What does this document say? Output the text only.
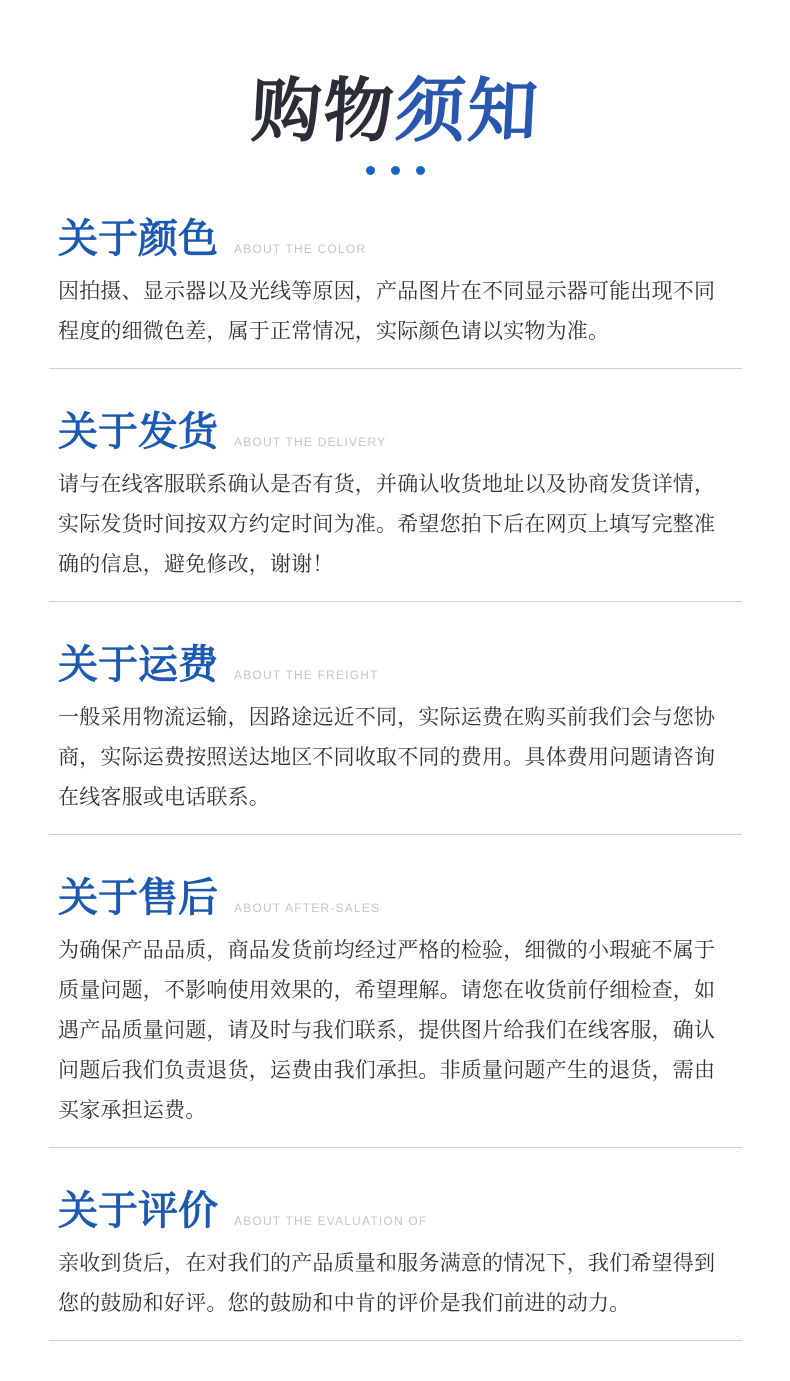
购物须知
关于颜色 ABOUT THE COLOR

因拍摄、显示器以及光线等原因，产品图片在不同显示器可能出现不同程度的细微色差，属于正常情况，实际颜色请以实物为准。

关于发货 ABOUT THE DELIVERY

请与在线客服联系确认是否有货，并确认收货地址以及协商发货详情，实际发货时间按双方约定时间为准。希望您拍下后在网页上填写完整准确的信息，避免修改，谢谢！

关于运费 ABOUT THE FREIGHT

一般采用物流运输，因路途远近不同，实际运费在购买前我们会与您协商，实际运费按照送达地区不同收取不同的费用。具体费用问题请咨询在线客服或电话联系。

关于售后 ABOUT AFTER-SALES

为确保产品品质，商品发货前均经过严格的检验，细微的小瑕疵不属于质量问题，不影响使用效果的，希望理解。请您在收货前仔细检查，如遇产品质量问题，请及时与我们联系，提供图片给我们在线客服，确认问题后我们负责退货，运费由我们承担。非质量问题产生的退货，需由买家承担运费。

关于评价 ABOUT THE EVALUATION OF

亲收到货后，在对我们的产品质量和服务满意的情况下，我们希望得到您的鼓励和好评。您的鼓励和中肯的评价是我们前进的动力。
